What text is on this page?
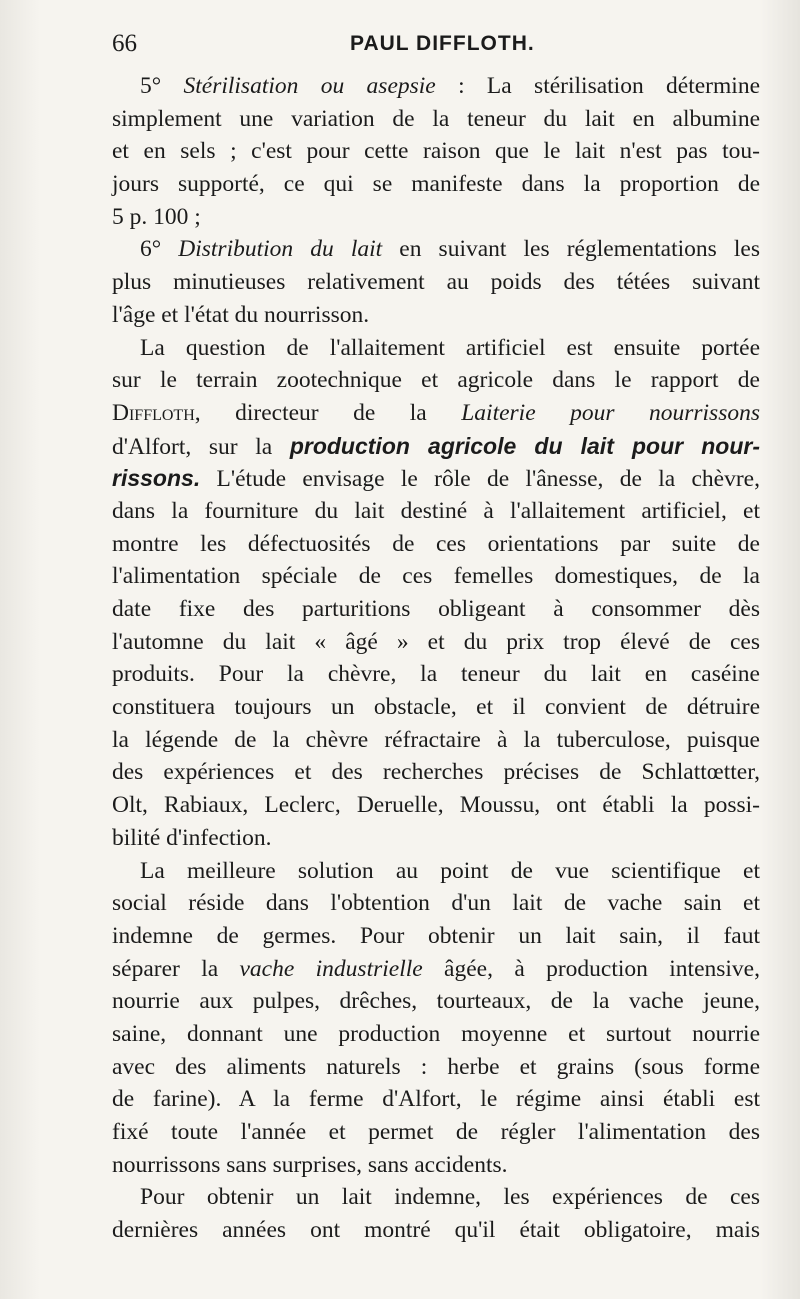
66	PAUL DIFFLOTH.
5° Stérilisation ou asepsie : La stérilisation détermine
simplement une variation de la teneur du lait en albumine
et en sels ; c'est pour cette raison que le lait n'est pas tou-
jours supporté, ce qui se manifeste dans la proportion de
5 p. 100 ;
6° Distribution du lait en suivant les réglementations les
plus minutieuses relativement au poids des tétées suivant
l'âge et l'état du nourrisson.
La question de l'allaitement artificiel est ensuite portée
sur le terrain zootechnique et agricole dans le rapport de
Diffloth, directeur de la Laiterie pour nourrissons
d'Alfort, sur la production agricole du lait pour nour-
rissons. L'étude envisage le rôle de l'ânesse, de la chèvre,
dans la fourniture du lait destiné à l'allaitement artificiel, et
montre les défectuosités de ces orientations par suite de
l'alimentation spéciale de ces femelles domestiques, de la
date fixe des parturitions obligeant à consommer dès
l'automne du lait « âgé » et du prix trop élevé de ces
produits. Pour la chèvre, la teneur du lait en caséine
constituera toujours un obstacle, et il convient de détruire
la légende de la chèvre réfractaire à la tuberculose, puisque
des expériences et des recherches précises de Schlattœtter,
Olt, Rabiaux, Leclerc, Deruelle, Moussu, ont établi la possi-
bilité d'infection.
La meilleure solution au point de vue scientifique et
social réside dans l'obtention d'un lait de vache sain et
indemne de germes. Pour obtenir un lait sain, il faut
séparer la vache industrielle âgée, à production intensive,
nourrie aux pulpes, drêches, tourteaux, de la vache jeune,
saine, donnant une production moyenne et surtout nourrie
avec des aliments naturels : herbe et grains (sous forme
de farine). A la ferme d'Alfort, le régime ainsi établi est
fixé toute l'année et permet de régler l'alimentation des
nourrissons sans surprises, sans accidents.
Pour obtenir un lait indemne, les expériences de ces
dernières années ont montré qu'il était obligatoire, mais
